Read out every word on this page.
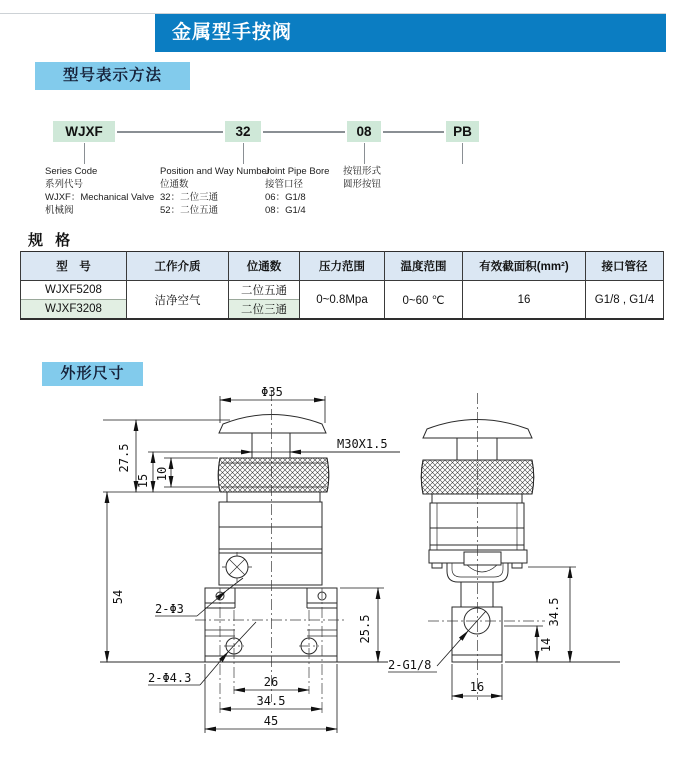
金属型手按阀
型号表示方法
WJXF	32	08	PB
Series Code
系列代号
WJXF：Mechanical Valve
机械阀
Position and Way Number
位通数
32：二位三通
52：二位五通
Joint Pipe Bore
接管口径
06：G1/8
08：G1/4
按钮形式
圆形按钮
规 格
型　号	工作介质	位通数	压力范围	温度范围	有效截面积(mm²)	接口管径
WJXF5208	洁净空气	二位五通	0~0.8Mpa	0~60 ℃	16	G1/8 , G1/4
WJXF3208		二位三通				
外形尺寸
Φ35
M30X1.5
27.5
15 10
54
25.5
26
34.5
45
2-Φ3
2-Φ4.3
34.5
14
16
2-G1/8
